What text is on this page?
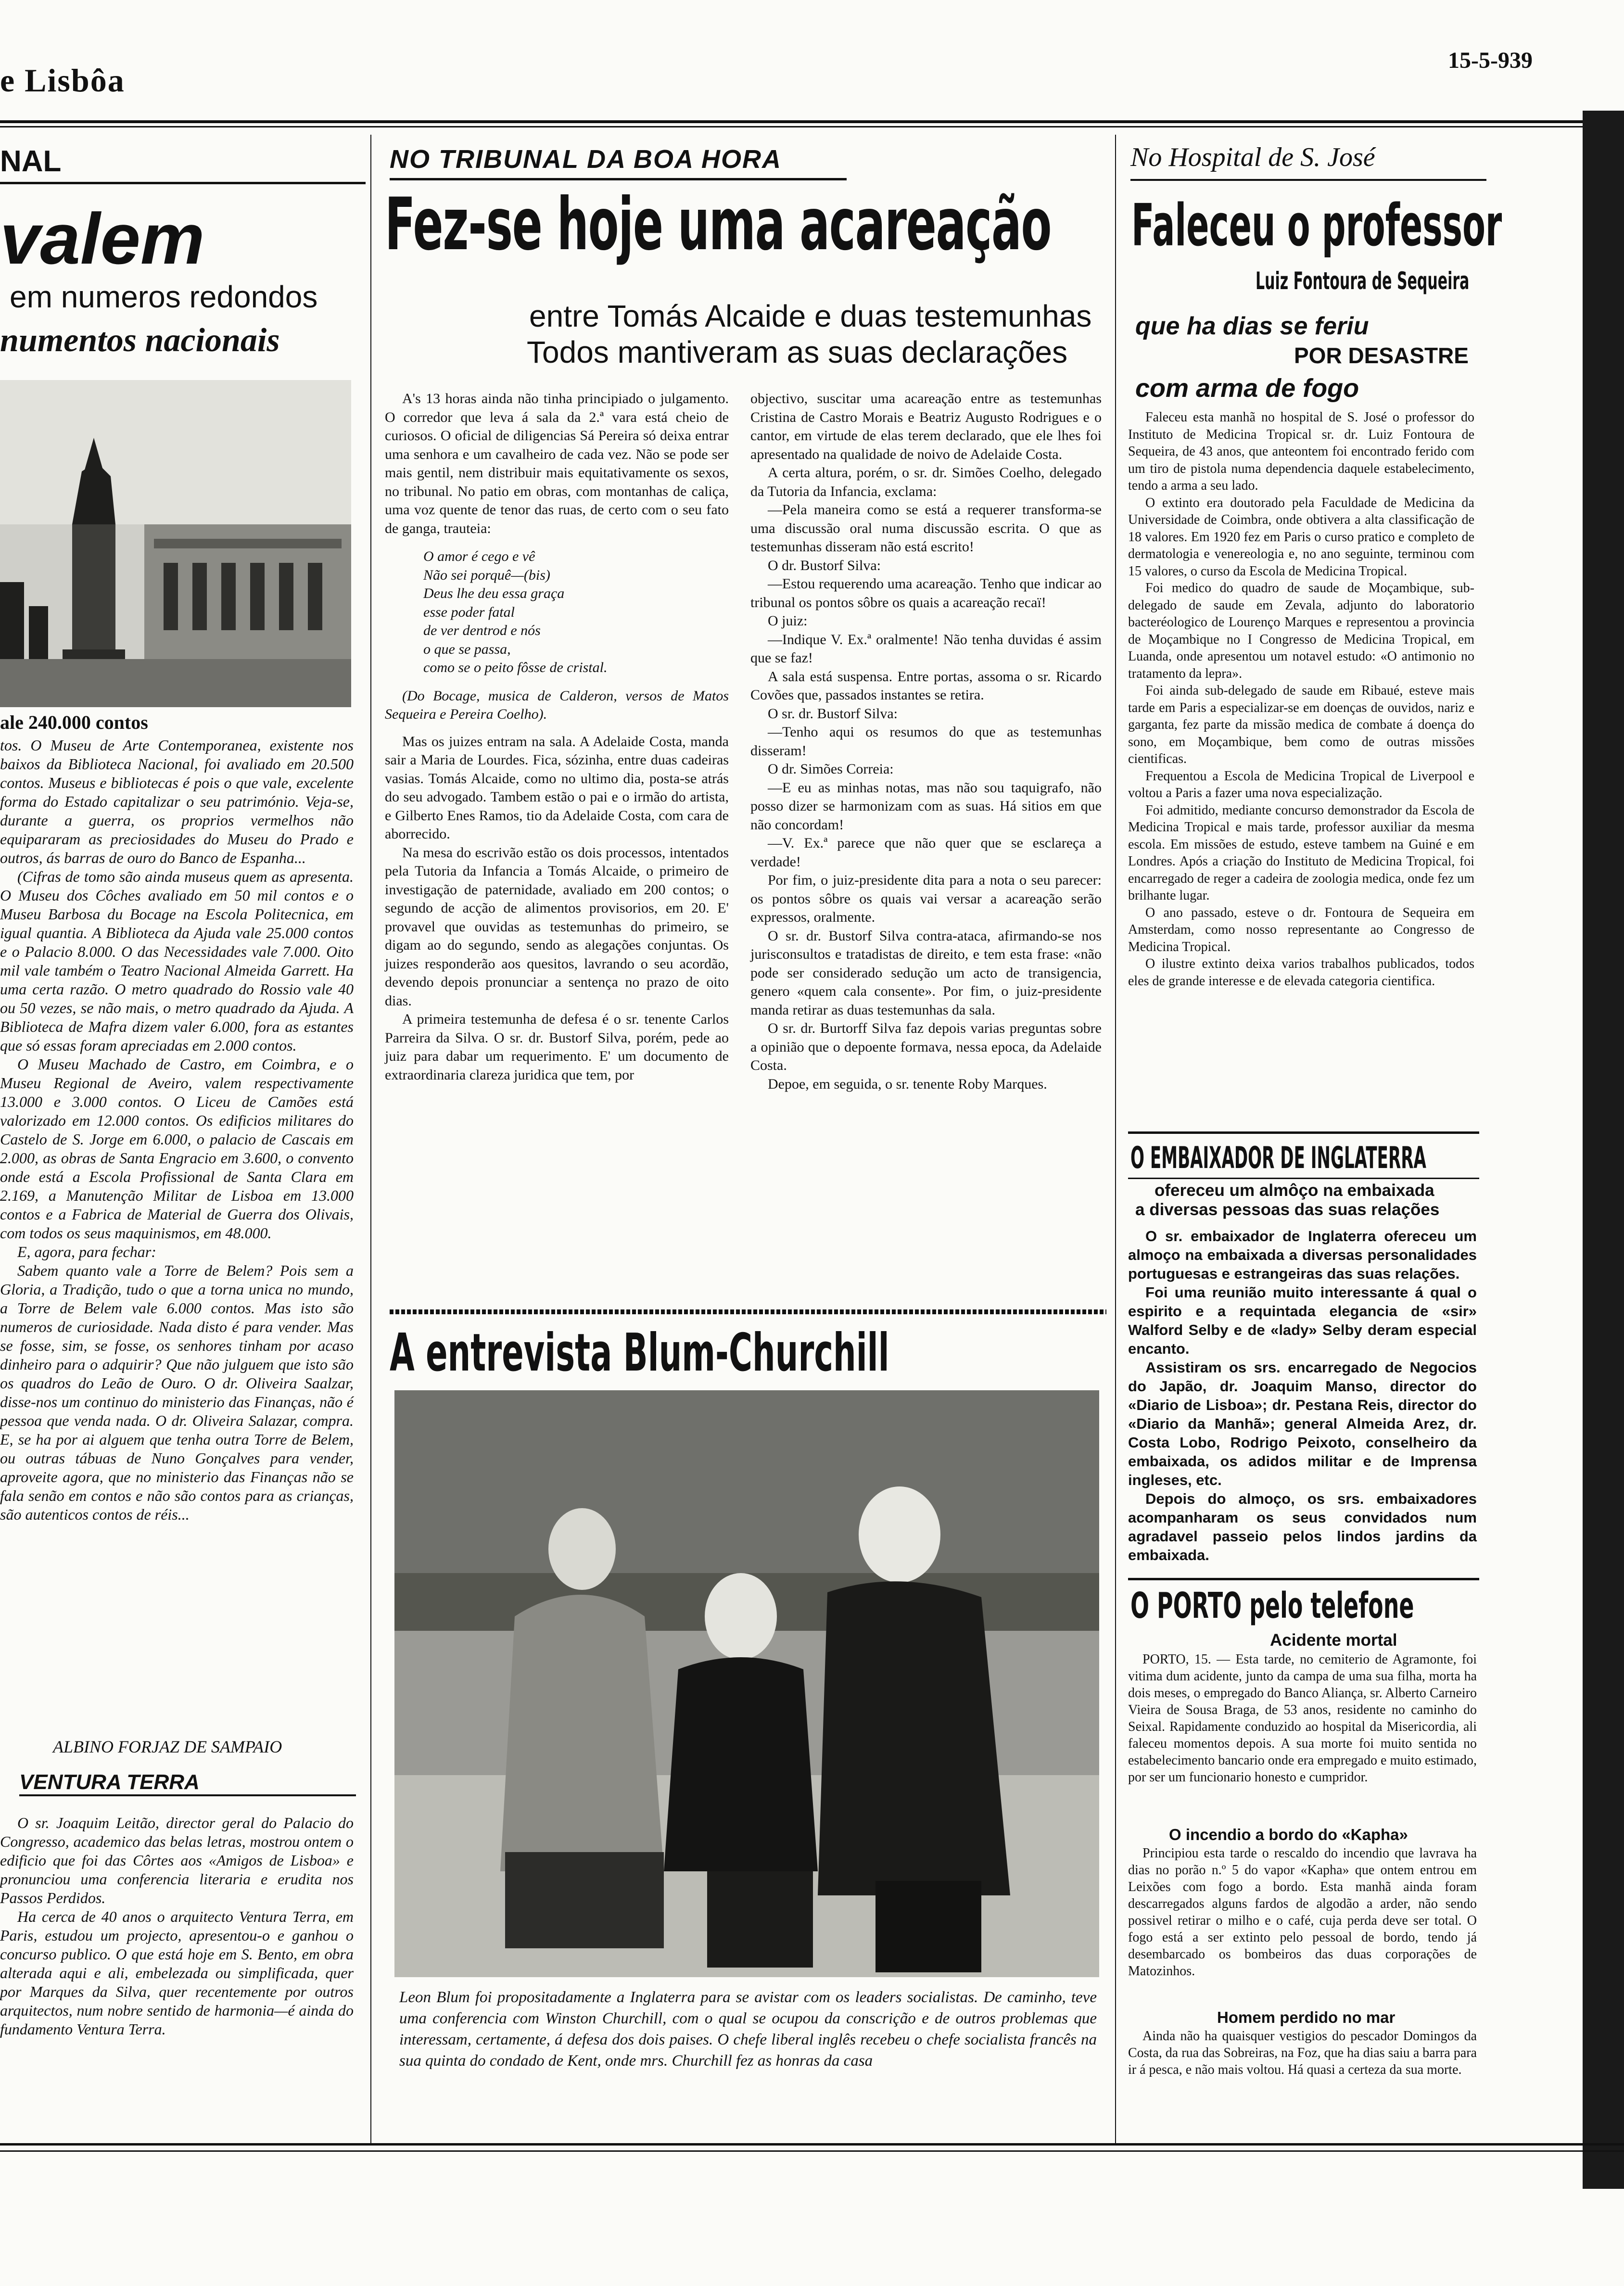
e Lisbôa
15-5-939
NAL
valem
em numeros redondos
numentos nacionais
ale 240.000 contos

tos. O Museu de Arte Contemporanea, existente nos baixos da Biblioteca Nacional, foi avaliado em 20.500 contos. Museus e bibliotecas é pois o que vale, excelente forma do Estado capitalizar o seu património. Veja-se, durante a guerra, os proprios vermelhos não equipararam as preciosidades do Museu do Prado e outros, ás barras de ouro do Banco de Espanha...

(Cifras de tomo são ainda museus quem as apresenta. O Museu dos Côches avaliado em 50 mil contos e o Museu Barbosa du Bocage na Escola Politecnica, em igual quantia. A Biblioteca da Ajuda vale 25.000 contos e o Palacio 8.000. O das Necessidades vale 7.000. Oito mil vale também o Teatro Nacional Almeida Garrett. Ha uma certa razão. O metro quadrado do Rossio vale 40 ou 50 vezes, se não mais, o metro quadrado da Ajuda. A Biblioteca de Mafra dizem valer 6.000, fora as estantes que só essas foram apreciadas em 2.000 contos.

O Museu Machado de Castro, em Coimbra, e o Museu Regional de Aveiro, valem respectivamente 13.000 e 3.000 contos. O Liceu de Camões está valorizado em 12.000 contos. Os edificios militares do Castelo de S. Jorge em 6.000, o palacio de Cascais em 2.000, as obras de Santa Engracio em 3.600, o convento onde está a Escola Profissional de Santa Clara em 2.169, a Manutenção Militar de Lisboa em 13.000 contos e a Fabrica de Material de Guerra dos Olivais, com todos os seus maquinismos, em 48.000.

E, agora, para fechar:

Sabem quanto vale a Torre de Belem? Pois sem a Gloria, a Tradição, tudo o que a torna unica no mundo, a Torre de Belem vale 6.000 contos. Mas isto são numeros de curiosidade. Nada disto é para vender. Mas se fosse, sim, se fosse, os senhores tinham por acaso dinheiro para o adquirir? Que não julguem que isto são os quadros do Leão de Ouro. O dr. Oliveira Saalzar, disse-nos um continuo do ministerio das Finanças, não é pessoa que venda nada. O dr. Oliveira Salazar, compra. E, se ha por ai alguem que tenha outra Torre de Belem, ou outras tábuas de Nuno Gonçalves para vender, aproveite agora, que no ministerio das Finanças não se fala senão em contos e não são contos para as crianças, são autenticos contos de réis...

ALBINO FORJAZ DE SAMPAIO
VENTURA TERRA

O sr. Joaquim Leitão, director geral do Palacio do Congresso, academico das belas letras, mostrou ontem o edificio que foi das Côrtes aos «Amigos de Lisboa» e pronunciou uma conferencia literaria e erudita nos Passos Perdidos.

Ha cerca de 40 anos o arquitecto Ventura Terra, em Paris, estudou um projecto, apresentou-o e ganhou o concurso publico. O que está hoje em S. Bento, em obra alterada aqui e ali, embelezada ou simplificada, quer por Marques da Silva, quer recentemente por outros arquitectos, num nobre sentido de harmonia—é ainda do fundamento Ventura Terra.

NO TRIBUNAL DA BOA HORA
Fez-se hoje uma acareação
entre Tomás Alcaide e duas testemunhas
Todos mantiveram as suas declarações

A's 13 horas ainda não tinha principiado o julgamento. O corredor que leva á sala da 2.ª vara está cheio de curiosos. O oficial de diligencias Sá Pereira só deixa entrar uma senhora e um cavalheiro de cada vez. Não se pode ser mais gentil, nem distribuir mais equitativamente os sexos, no tribunal. No patio em obras, com montanhas de caliça, uma voz quente de tenor das ruas, de certo com o seu fato de ganga, trauteia:

O amor é cego e vê
Não sei porquê—(bis)
Deus lhe deu essa graça
esse poder fatal
de ver dentrod e nós
o que se passa,
como se o peito fôsse de cristal.

(Do Bocage, musica de Calderon, versos de Matos Sequeira e Pereira Coelho).

Mas os juizes entram na sala. A Adelaide Costa, manda sair a Maria de Lourdes. Fica, sózinha, entre duas cadeiras vasias. Tomás Alcaide, como no ultimo dia, posta-se atrás do seu advogado. Tambem estão o pai e o irmão do artista, e Gilberto Enes Ramos, tio da Adelaide Costa, com cara de aborrecido.

Na mesa do escrivão estão os dois processos, intentados pela Tutoria da Infancia a Tomás Alcaide, o primeiro de investigação de paternidade, avaliado em 200 contos; o segundo de acção de alimentos provisorios, em 20. E' provavel que ouvidas as testemunhas do primeiro, se digam ao do segundo, sendo as alegações conjuntas. Os juizes responderão aos quesitos, lavrando o seu acordão, devendo depois pronunciar a sentença no prazo de oito dias.

A primeira testemunha de defesa é o sr. tenente Carlos Parreira da Silva. O sr. dr. Bustorf Silva, porém, pede ao juiz para dabar um requerimento. E' um documento de extraordinaria clareza juridica que tem, por

objectivo, suscitar uma acareação entre as testemunhas Cristina de Castro Morais e Beatriz Augusto Rodrigues e o cantor, em virtude de elas terem declarado, que ele lhes foi apresentado na qualidade de noivo de Adelaide Costa.

A certa altura, porém, o sr. dr. Simões Coelho, delegado da Tutoria da Infancia, exclama:

—Pela maneira como se está a requerer transforma-se uma discussão oral numa discussão escrita. O que as testemunhas disseram não está escrito!

O dr. Bustorf Silva:

—Estou requerendo uma acareação. Tenho que indicar ao tribunal os pontos sôbre os quais a acareação recaï!

O juiz:

—Indique V. Ex.ª oralmente! Não tenha duvidas é assim que se faz!

A sala está suspensa. Entre portas, assoma o sr. Ricardo Covões que, passados instantes se retira.

O sr. dr. Bustorf Silva:

—Tenho aqui os resumos do que as testemunhas disseram!

O dr. Simões Correia:

—E eu as minhas notas, mas não sou taquigrafo, não posso dizer se harmonizam com as suas. Há sitios em que não concordam!

—V. Ex.ª parece que não quer que se esclareça a verdade!

Por fim, o juiz-presidente dita para a nota o seu parecer: os pontos sôbre os quais vai versar a acareação serão expressos, oralmente.

O sr. dr. Bustorf Silva contra-ataca, afirmando-se nos jurisconsultos e tratadistas de direito, e tem esta frase: «não pode ser considerado sedução um acto de transigencia, genero «quem cala consente». Por fim, o juiz-presidente manda retirar as duas testemunhas da sala.

O sr. dr. Burtorff Silva faz depois varias preguntas sobre a opinião que o depoente formava, nessa epoca, da Adelaide Costa.

Depoe, em seguida, o sr. tenente Roby Marques.

A entrevista Blum-Churchill
Leon Blum foi propositadamente a Inglaterra para se avistar com os leaders socialistas. De caminho, teve uma conferencia com Winston Churchill, com o qual se ocupou da conscrição e de outros problemas que interessam, certamente, á defesa dos dois paises. O chefe liberal inglês recebeu o chefe socialista francês na sua quinta do condado de Kent, onde mrs. Churchill fez as honras da casa
No Hospital de S. José
Faleceu o professor
Luiz Fontoura de Sequeira
que ha dias se feriu
POR DESASTRE
com arma de fogo

Faleceu esta manhã no hospital de S. José o professor do Instituto de Medicina Tropical sr. dr. Luiz Fontoura de Sequeira, de 43 anos, que anteontem foi encontrado ferido com um tiro de pistola numa dependencia daquele estabelecimento, tendo a arma a seu lado.

O extinto era doutorado pela Faculdade de Medicina da Universidade de Coimbra, onde obtivera a alta classificação de 18 valores. Em 1920 fez em Paris o curso pratico e completo de dermatologia e venereologia e, no ano seguinte, terminou com 15 valores, o curso da Escola de Medicina Tropical.

Foi medico do quadro de saude de Moçambique, sub-delegado de saude em Zevala, adjunto do laboratorio bacteréologico de Lourenço Marques e representou a provincia de Moçambique no I Congresso de Medicina Tropical, em Luanda, onde apresentou um notavel estudo: «O antimonio no tratamento da lepra».

Foi ainda sub-delegado de saude em Ribaué, esteve mais tarde em Paris a especializar-se em doenças de ouvidos, nariz e garganta, fez parte da missão medica de combate á doença do sono, em Moçambique, bem como de outras missões cientificas.

Frequentou a Escola de Medicina Tropical de Liverpool e voltou a Paris a fazer uma nova especialização.

Foi admitido, mediante concurso demonstrador da Escola de Medicina Tropical e mais tarde, professor auxiliar da mesma escola. Em missões de estudo, esteve tambem na Guiné e em Londres. Após a criação do Instituto de Medicina Tropical, foi encarregado de reger a cadeira de zoologia medica, onde fez um brilhante lugar.

O ano passado, esteve o dr. Fontoura de Sequeira em Amsterdam, como nosso representante ao Congresso de Medicina Tropical.

O ilustre extinto deixa varios trabalhos publicados, todos eles de grande interesse e de elevada categoria cientifica.

O EMBAIXADOR DE INGLATERRA
ofereceu um almôço na embaixada
a diversas pessoas das suas relações

O sr. embaixador de Inglaterra ofereceu um almoço na embaixada a diversas personalidades portuguesas e estrangeiras das suas relações.

Foi uma reunião muito interessante á qual o espirito e a requintada elegancia de «sir» Walford Selby e de «lady» Selby deram especial encanto.

Assistiram os srs. encarregado de Negocios do Japão, dr. Joaquim Manso, director do «Diario de Lisboa»; dr. Pestana Reis, director do «Diario da Manhã»; general Almeida Arez, dr. Costa Lobo, Rodrigo Peixoto, conselheiro da embaixada, os adidos militar e de Imprensa ingleses, etc.

Depois do almoço, os srs. embaixadores acompanharam os seus convidados num agradavel passeio pelos lindos jardins da embaixada.

O PORTO pelo telefone
Acidente mortal
PORTO, 15. — Esta tarde, no cemiterio de Agramonte, foi vitima dum acidente, junto da campa de uma sua filha, morta ha dois meses, o empregado do Banco Aliança, sr. Alberto Carneiro Vieira de Sousa Braga, de 53 anos, residente no caminho do Seixal. Rapidamente conduzido ao hospital da Misericordia, ali faleceu momentos depois. A sua morte foi muito sentida no estabelecimento bancario onde era empregado e muito estimado, por ser um funcionario honesto e cumpridor.
O incendio a bordo do «Kapha»
Principiou esta tarde o rescaldo do incendio que lavrava ha dias no porão n.º 5 do vapor «Kapha» que ontem entrou em Leixões com fogo a bordo. Esta manhã ainda foram descarregados alguns fardos de algodão a arder, não sendo possivel retirar o milho e o café, cuja perda deve ser total. O fogo está a ser extinto pelo pessoal de bordo, tendo já desembarcado os bombeiros das duas corporações de Matozinhos.
Homem perdido no mar
Ainda não ha quaisquer vestigios do pescador Domingos da Costa, da rua das Sobreiras, na Foz, que ha dias saiu a barra para ir á pesca, e não mais voltou. Há quasi a certeza da sua morte.
